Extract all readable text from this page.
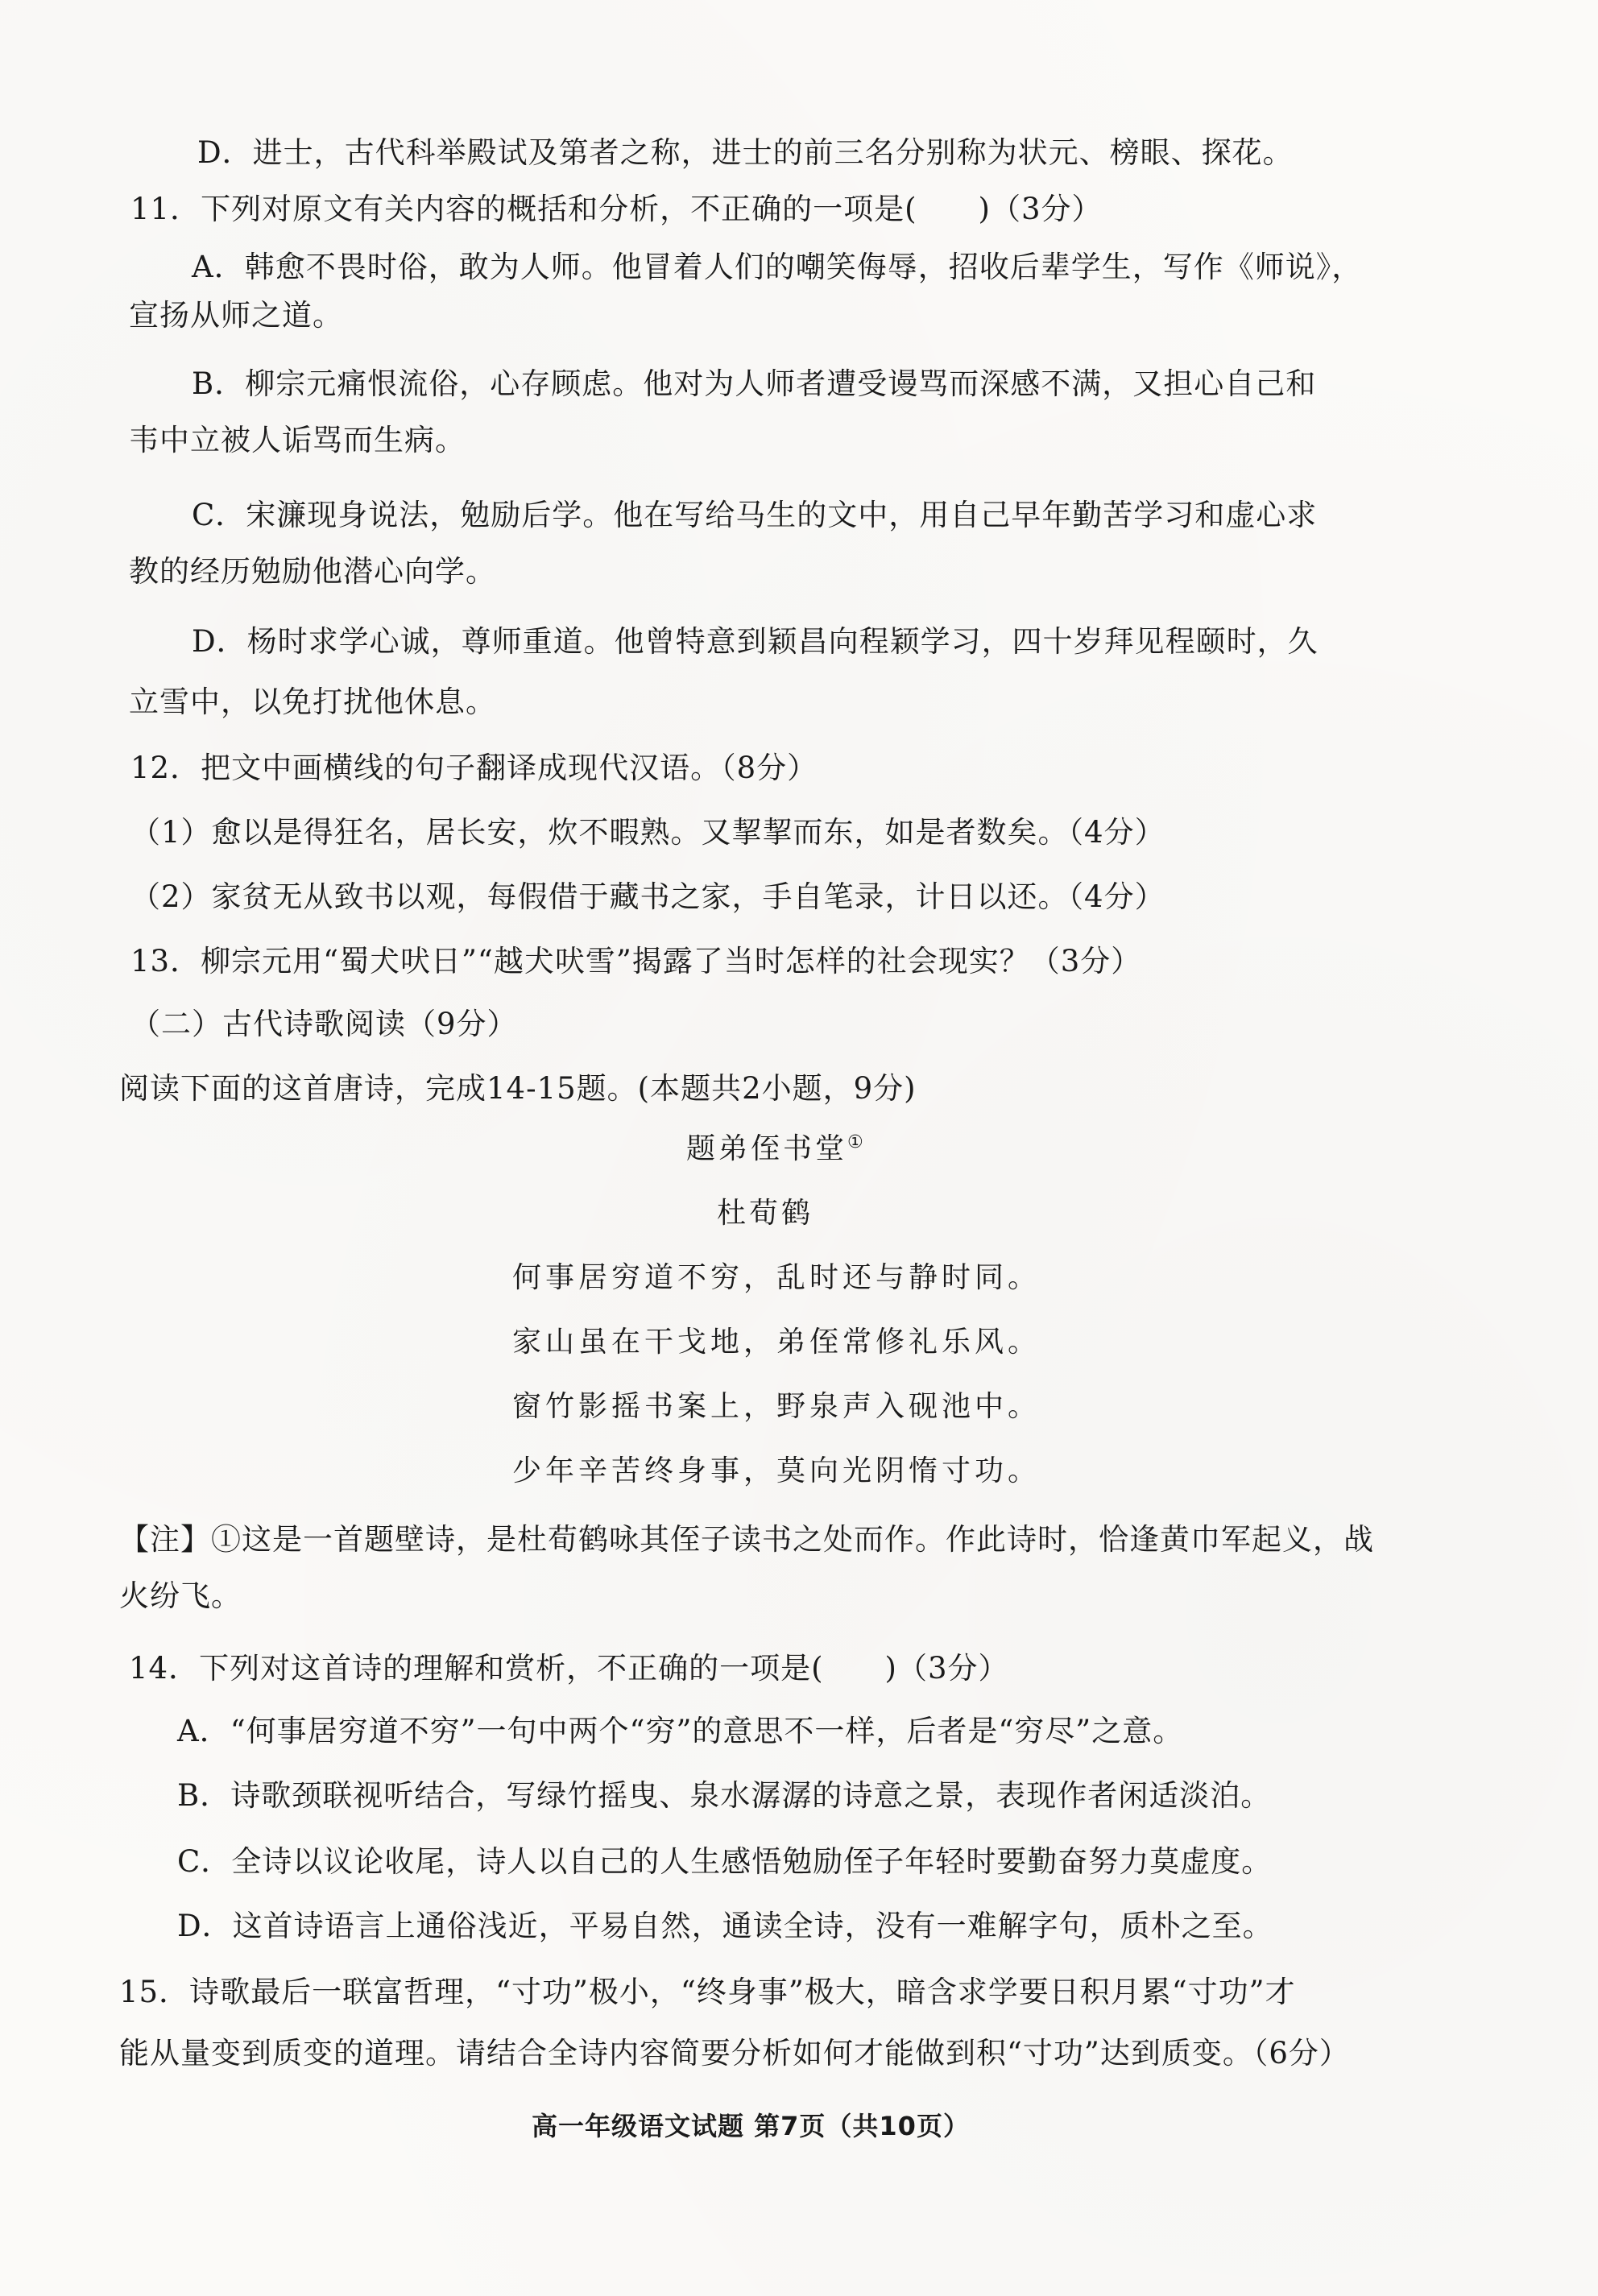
D．进士，古代科举殿试及第者之称，进士的前三名分别称为状元、榜眼、探花。
11．下列对原文有关内容的概括和分析，不正确的一项是(　　)（3分）
A．韩愈不畏时俗，敢为人师。他冒着人们的嘲笑侮辱，招收后辈学生，写作《师说》，
宣扬从师之道。
B．柳宗元痛恨流俗，心存顾虑。他对为人师者遭受谩骂而深感不满，又担心自己和
韦中立被人诟骂而生病。
C．宋濂现身说法，勉励后学。他在写给马生的文中，用自己早年勤苦学习和虚心求
教的经历勉励他潜心向学。
D．杨时求学心诚，尊师重道。他曾特意到颖昌向程颖学习，四十岁拜见程颐时，久
立雪中，以免打扰他休息。
12．把文中画横线的句子翻译成现代汉语。（8分）
（1）愈以是得狂名，居长安，炊不暇熟。又挈挈而东，如是者数矣。（4分）
（2）家贫无从致书以观，每假借于藏书之家，手自笔录，计日以还。（4分）
13．柳宗元用“蜀犬吠日”“越犬吠雪”揭露了当时怎样的社会现实？（3分）
（二）古代诗歌阅读（9分）
阅读下面的这首唐诗，完成14-15题。(本题共2小题，9分)
题弟侄书堂①
杜荀鹤
何事居穷道不穷，乱时还与静时同。
家山虽在干戈地，弟侄常修礼乐风。
窗竹影摇书案上，野泉声入砚池中。
少年辛苦终身事，莫向光阴惰寸功。
【注】①这是一首题壁诗，是杜荀鹤咏其侄子读书之处而作。作此诗时，恰逢黄巾军起义，战
火纷飞。
14．下列对这首诗的理解和赏析，不正确的一项是(　　)（3分）
A．“何事居穷道不穷”一句中两个“穷”的意思不一样，后者是“穷尽”之意。
B．诗歌颈联视听结合，写绿竹摇曳、泉水潺潺的诗意之景，表现作者闲适淡泊。
C．全诗以议论收尾，诗人以自己的人生感悟勉励侄子年轻时要勤奋努力莫虚度。
D．这首诗语言上通俗浅近，平易自然，通读全诗，没有一难解字句，质朴之至。
15．诗歌最后一联富哲理，“寸功”极小，“终身事”极大，暗含求学要日积月累“寸功”才
能从量变到质变的道理。请结合全诗内容简要分析如何才能做到积“寸功”达到质变。（6分）
高一年级语文试题 第7页（共10页）
